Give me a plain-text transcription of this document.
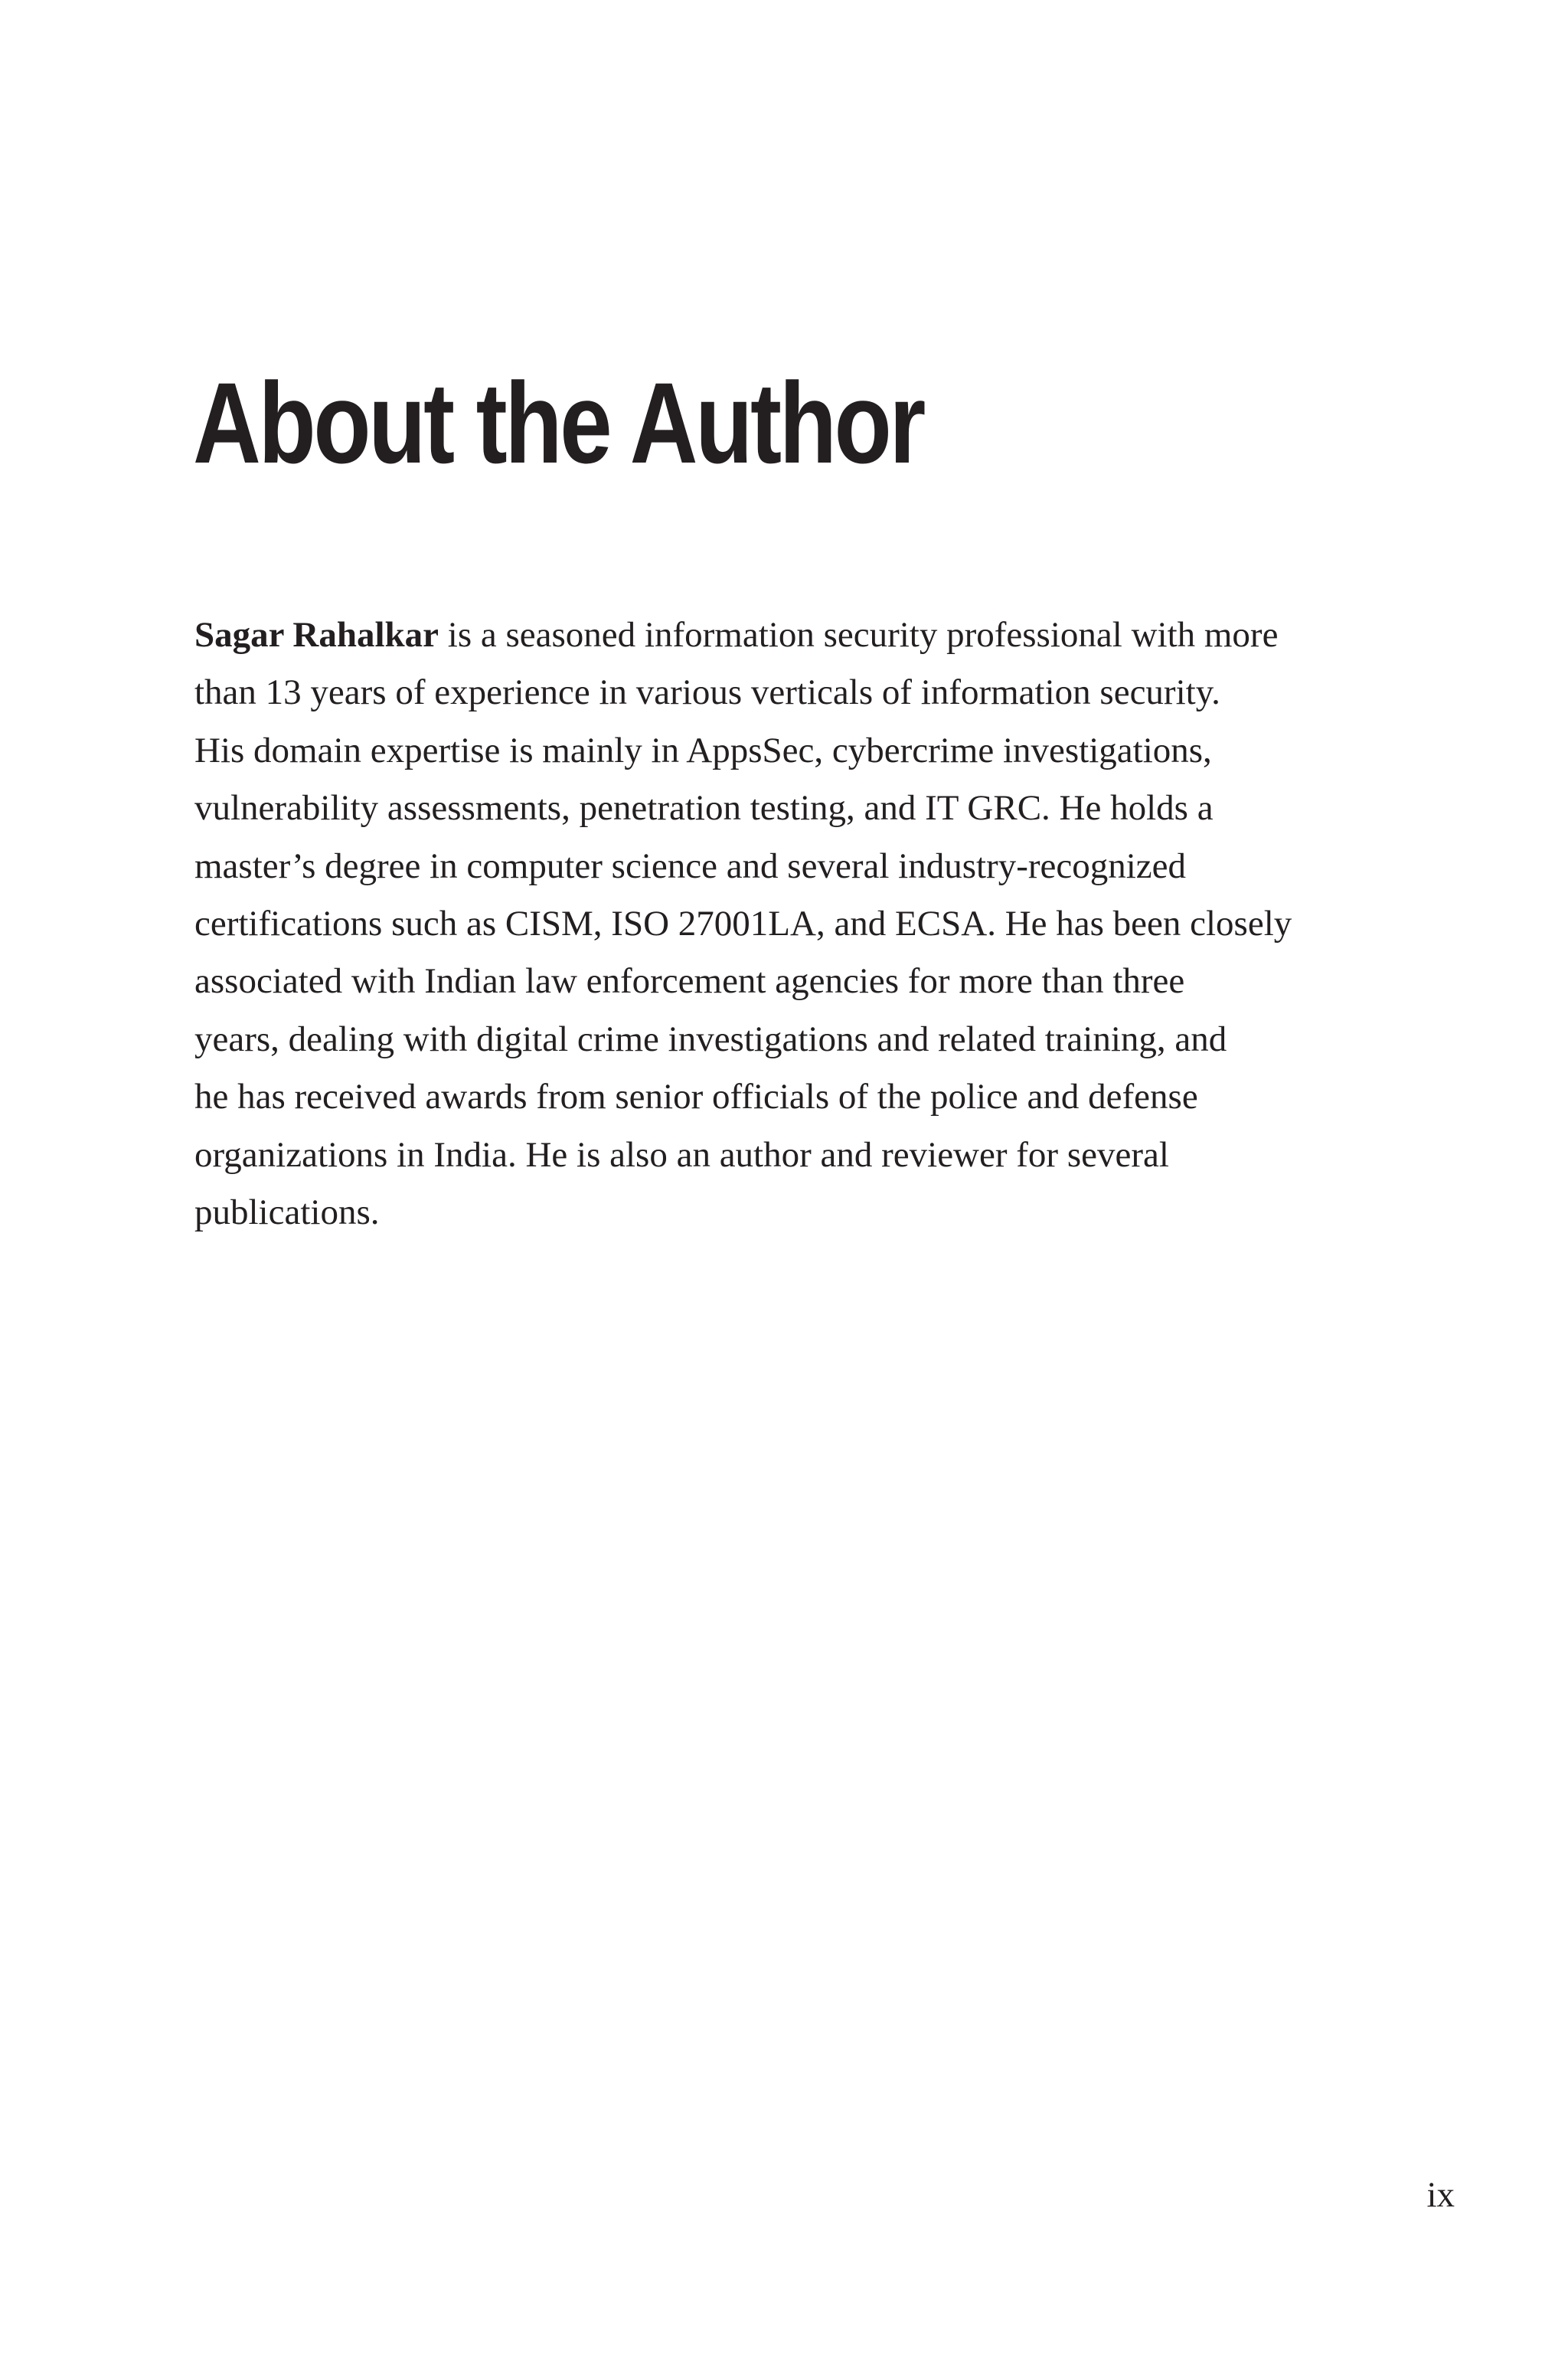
About the Author

Sagar Rahalkar is a seasoned information security professional with more
than 13 years of experience in various verticals of information security.
His domain expertise is mainly in AppsSec, cybercrime investigations,
vulnerability assessments, penetration testing, and IT GRC. He holds a
master’s degree in computer science and several industry-recognized
certifications such as CISM, ISO 27001LA, and ECSA. He has been closely
associated with Indian law enforcement agencies for more than three
years, dealing with digital crime investigations and related training, and
he has received awards from senior officials of the police and defense
organizations in India. He is also an author and reviewer for several
publications.

ix
